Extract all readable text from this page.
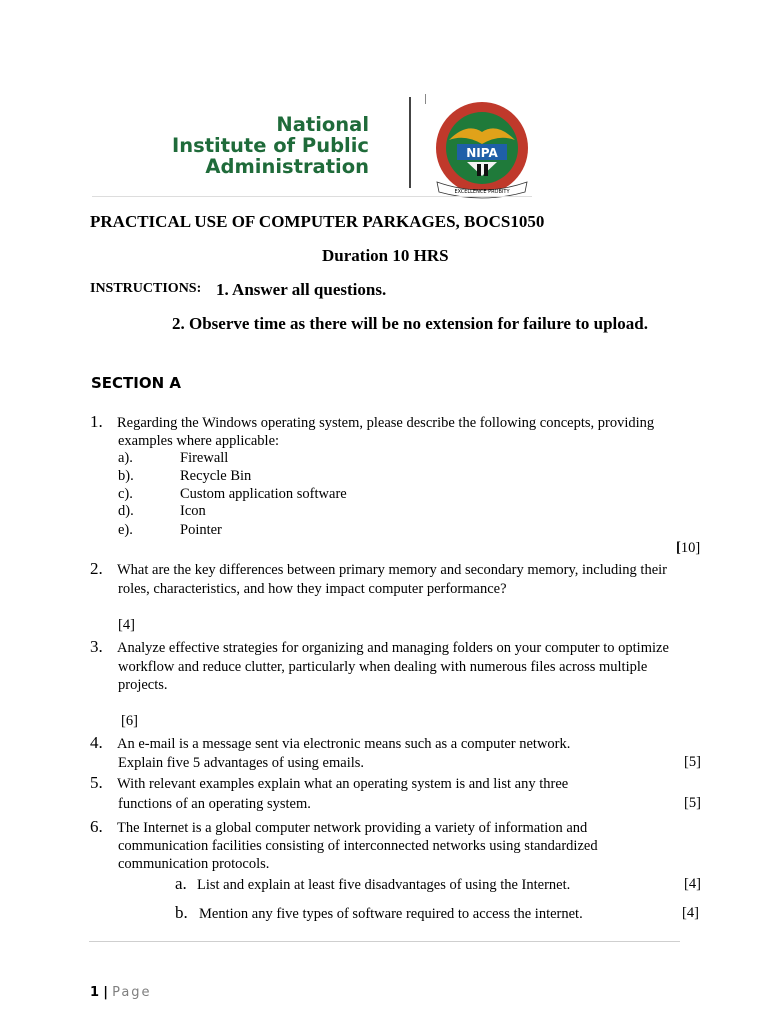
National
Institute of Public
Administration
NIPA
EXCELLENCE PROBITY
PRACTICAL USE OF COMPUTER PARKAGES, BOCS1050
Duration 10 HRS
INSTRUCTIONS: 1. Answer all questions.
2. Observe time as there will be no extension for failure to upload.
SECTION A
1. Regarding the Windows operating system, please describe the following concepts, providing
examples where applicable:
a).	Firewall
b).	Recycle Bin
c).	Custom application software
d).	Icon
e).	Pointer
[10]
2. What are the key differences between primary memory and secondary memory, including their
roles, characteristics, and how they impact computer performance?
[4]
3. Analyze effective strategies for organizing and managing folders on your computer to optimize
workflow and reduce clutter, particularly when dealing with numerous files across multiple
projects.
[6]
4. An e-mail is a message sent via electronic means such as a computer network.
Explain five 5 advantages of using emails.	[5]
5. With relevant examples explain what an operating system is and list any three
functions of an operating system.	[5]
6. The Internet is a global computer network providing a variety of information and
communication facilities consisting of interconnected networks using standardized
communication protocols.
a. List and explain at least five disadvantages of using the Internet.	[4]
b. Mention any five types of software required to access the internet.	[4]
1 | Page
